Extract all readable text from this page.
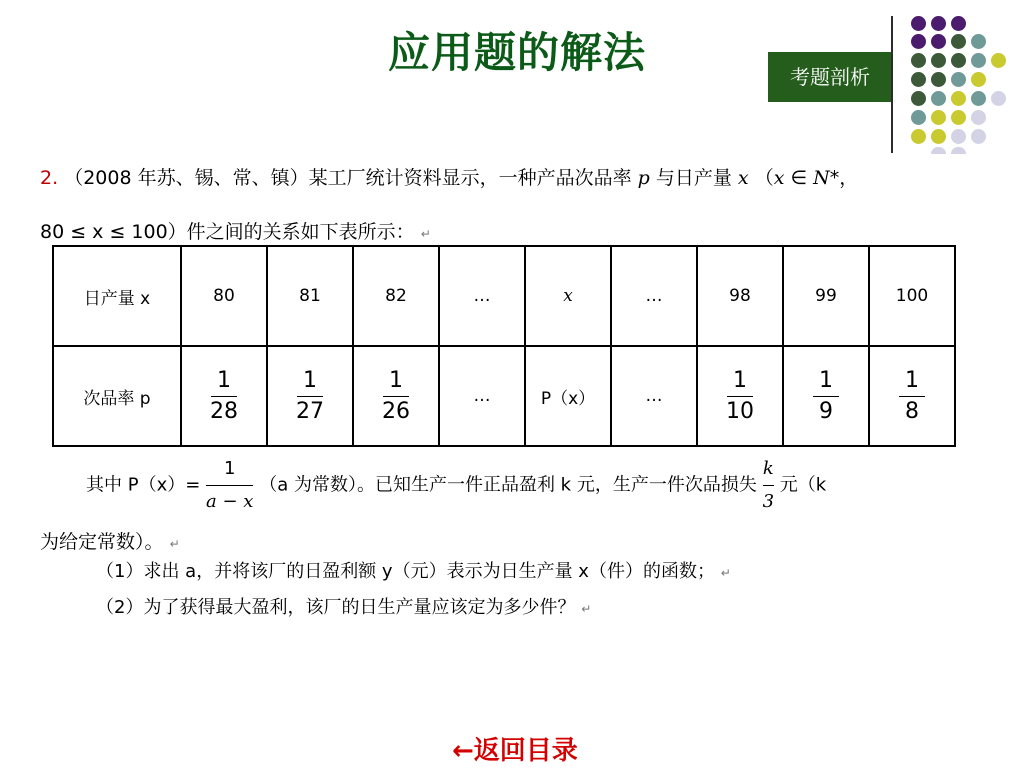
应用题的解法	考题剖析
2. （2008 年苏、锡、常、镇）某工厂统计资料显示，一种产品次品率 p 与日产量 x （x ∈ N*，
80 ≤ x ≤ 100）件之间的关系如下表所示： ↵
日产量 x	80	81	82	…	x	…	98	99	100

次品率 p	$\frac{1}{28}$	$\frac{1}{27}$	$\frac{1}{26}$	…	P（x）	…	$\frac{1}{10}$	$\frac{1}{9}$	$\frac{1}{8}$
其中 $P(x)= \frac{1}{a - x} (a$ 为常数）。已知生产一件正品盈利 k 元，生产一件次品损失 $\frac{k}{3}$ 元（k
为给定常数）。 ↵
（1）求出 a，并将该厂的日盈利额 y（元）表示为日生产量 x（件）的函数； ↵
（2）为了获得最大盈利，该厂的日生产量应该定为多少件？ ↵
←返回目录
